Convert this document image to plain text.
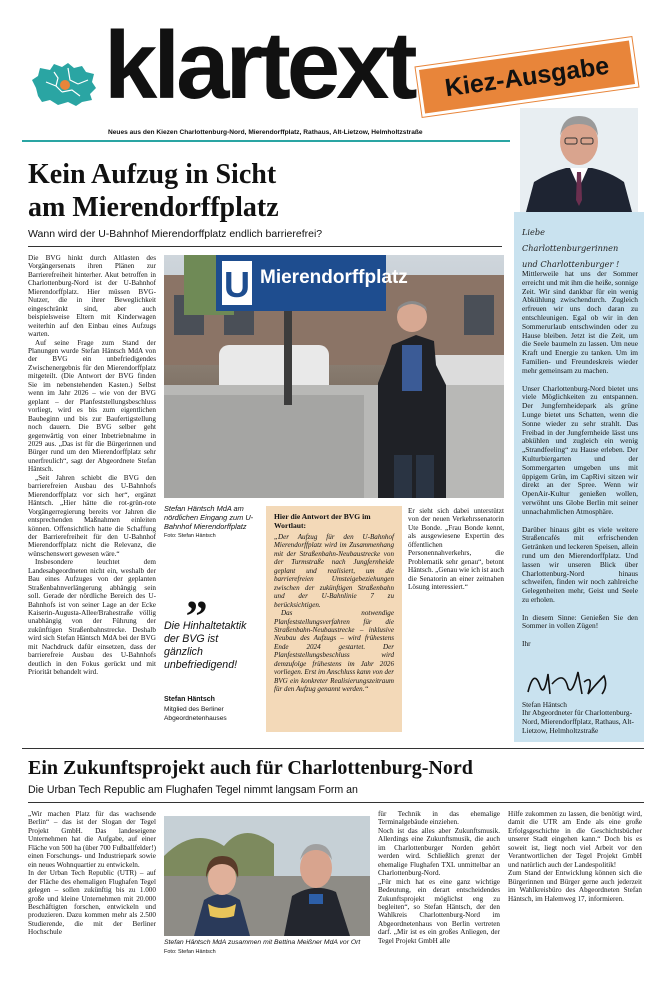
klartext	Kiez-Ausgabe
Neues aus den Kiezen Charlottenburg-Nord, Mierendorffplatz, Rathaus, Alt-Lietzow, Helmholtzstraße
Kein Aufzug in Sicht
am Mierendorffplatz
Wann wird der U-Bahnhof Mierendorffplatz endlich barrierefrei?

Die BVG hinkt durch Altlasten des Vorgängersenats ihren Plänen zur Barrierefreiheit hinterher. Akut betroffen in Charlottenburg-Nord ist der U-Bahnhof Mierendorffplatz. Hier müssen BVG-Nutzer, die in ihrer Beweglichkeit eingeschränkt sind, aber auch beispielsweise Eltern mit Kinderwagen weiterhin auf den Einbau eines Aufzugs warten.

Auf seine Frage zum Stand der Planungen wurde Stefan Häntsch MdA von der BVG ein unbefriedigendes Zwischenergebnis für den Mierendorffplatz mitgeteilt. (Die Antwort der BVG finden Sie im nebenstehenden Kasten.) Selbst wenn im Jahr 2026 – wie von der BVG geplant – der Planfeststellungsbeschluss vorliegt, wird es bis zum eigentlichen Baubeginn und bis zur Baufertigstellung noch dauern. Die BVG selber geht gegenwärtig von einer Inbetriebnahme in 2029 aus. „Das ist für die Bürgerinnen und Bürger rund um den Mierendorffplatz sehr unerfreulich“, sagt der Abgeordnete Stefan Häntsch.

„Seit Jahren schiebt die BVG den barrierefreien Ausbau des U-Bahnhofs Mierendorffplatz vor sich her“, ergänzt Häntsch. „Hier hätte die rot-grün-rote Vorgängerregierung bereits vor Jahren die entsprechenden Maßnahmen einleiten können. Offensichtlich hatte die Schaffung der Barrierefreiheit für den U-Bahnhof Mierendorffplatz nicht die Relevanz, die wünschenswert gewesen wäre.“

Insbesondere leuchtet dem Landesabgeordneten nicht ein, weshalb der Bau eines Aufzuges von der geplanten Straßenbahnverlängerung abhängig sein soll. Gerade der nördliche Bereich des U-Bahnhofs ist von seiner Lage an der Ecke Kaiserin-Augusta-Allee/Brahestraße völlig unabhängig von der Führung der zukünftigen Straßenbahnstrecke. Deshalb wird sich Stefan Häntsch MdA bei der BVG mit Nachdruck dafür einsetzen, dass der barrierefreie Ausbau des U-Bahnhofs deutlich in den Fokus gerückt und mit Priorität behandelt wird.

U Mierendorffplatz
Stefan Häntsch MdA am nördlichen Eingang zum U-Bahnhof Mierendorffplatz
Foto: Stefan Häntsch
„
Die Hinhaltetaktik der BVG ist gänzlich unbefriedigend!
Stefan Häntsch
Mitglied des Berliner Abgeordnetenhauses
Hier die Antwort der BVG im Wortlaut:

„Der Aufzug für den U-Bahnhof Mierendorffplatz wird im Zusammenhang mit der Straßenbahn-Neubaustrecke von der Turmstraße nach Jungfernheide geplant und realisiert, um die barrierefreien Umsteigebeziehungen zwischen der zukünftigen Straßenbahn und der U-Bahnlinie 7 zu berücksichtigen.

Das notwendige Planfeststellungsverfahren für die Straßenbahn-Neubaustrecke – inklusive Neubau des Aufzugs – wird frühestens Ende 2024 gestartet. Der Planfeststellungsbeschluss wird demzufolge frühestens im Jahr 2026 vorliegen. Erst im Anschluss kann von der BVG ein konkreter Realisierungszeitraum für den Aufzug genannt werden.“

Er sieht sich dabei unterstützt von der neuen Verkehrssenatorin Ute Bonde. „Frau Bonde kennt, als ausgewiesene Expertin des öffentlichen Personennahverkehrs, die Problematik sehr genau“, betont Häntsch. „Genau wie ich ist auch die Senatorin an einer zeitnahen Lösung interessiert.“
Liebe Charlottenburgerinnen
und Charlottenburger !

Mittlerweile hat uns der Sommer erreicht und mit ihm die heiße, sonnige Zeit. Wir sind dankbar für ein wenig Abkühlung zwischendurch. Zugleich erfreuen wir uns doch daran zu entschleunigen. Egal ob wir in den Sommerurlaub entschwinden oder zu Hause bleiben. Jetzt ist die Zeit, um die Seele baumeln zu lassen. Um neue Kraft und Energie zu tanken. Um im Familien- und Freundeskreis wieder mehr gemeinsam zu machen.

Unser Charlottenburg-Nord bietet uns viele Möglichkeiten zu entspannen. Der Jungfernheidepark als grüne Lunge bietet uns Schatten, wenn die Sonne wieder zu sehr strahlt. Das Freibad in der Jungfernheide lässt uns abkühlen und zugleich ein wenig „Strandfeeling“ zu Hause erleben. Der Kulturbiergarten und der Sommergarten umgeben uns mit üppigem Grün, im CapRivi sitzen wir direkt an der Spree. Wenn wir OpenAir-Kultur genießen wollen, verwöhnt uns Globe Berlin mit seiner unnachahmlichen Atmosphäre.

Darüber hinaus gibt es viele weitere Straßencafés mit erfrischenden Getränken und leckeren Speisen, allein rund um den Mierendorffplatz. Und lassen wir unseren Blick über Charlottenburg-Nord hinaus schweifen, finden wir noch zahlreiche Gelegenheiten mehr, Geist und Seele zu erholen.

In diesem Sinne: Genießen Sie den Sommer in vollen Zügen!

Ihr

Stefan Häntsch
Ihr Abgeordneter für Charlottenburg-Nord, Mierendorffplatz, Rathaus, Alt-Lietzow, Helmholtzstraße
Ein Zukunftsprojekt auch für Charlottenburg-Nord
Die Urban Tech Republic am Flughafen Tegel nimmt langsam Form an
„Wir machen Platz für das wachsende Berlin“ – das ist der Slogan der Tegel Projekt GmbH. Das landeseigene Unternehmen hat die Aufgabe, auf einer Fläche von 500 ha (über 700 Fußballfelder!) einen Forschungs- und Industriepark sowie ein neues Wohnquartier zu entwickeln.
In der Urban Tech Republic (UTR) – auf der Fläche des ehemaligen Flughafen Tegel gelegen – sollen zukünftig bis zu 1.000 große und kleine Unternehmen mit 20.000 Beschäftigten forschen, entwickeln und produzieren. Dazu kommen mehr als 2.500 Studierende, die mit der Berliner Hochschule
Stefan Häntsch MdA zusammen mit Bettina Meißner MdA vor Ort Foto: Stefan Häntsch
für Technik in das ehemalige Terminalgebäude einziehen.
Noch ist das alles aber Zukunftsmusik. Allerdings eine Zukunftsmusik, die auch im Charlottenburger Norden gehört werden wird. Schließlich grenzt der ehemalige Flughafen TXL unmittelbar an Charlottenburg-Nord.
„Für mich hat es eine ganz wichtige Bedeutung, ein derart entscheidendes Zukunftsprojekt möglichst eng zu begleiten“, so Stefan Häntsch, der den Wahlkreis Charlottenburg-Nord im Abgeordnetenhaus von Berlin vertreten darf. „Mir ist es ein großes Anliegen, der Tegel Projekt GmbH alle
Hilfe zukommen zu lassen, die benötigt wird, damit die UTR am Ende als eine große Erfolgsgeschichte in die Geschichtsbücher unserer Stadt eingehen kann.“ Doch bis es soweit ist, liegt noch viel Arbeit vor den Verantwortlichen der Tegel Projekt GmbH und natürlich auch der Landespolitik!
Zum Stand der Entwicklung können sich die Bürgerinnen und Bürger gerne auch jederzeit im Wahlkreisbüro des Abgeordneten Stefan Häntsch, im Halemweg 17, informieren.
